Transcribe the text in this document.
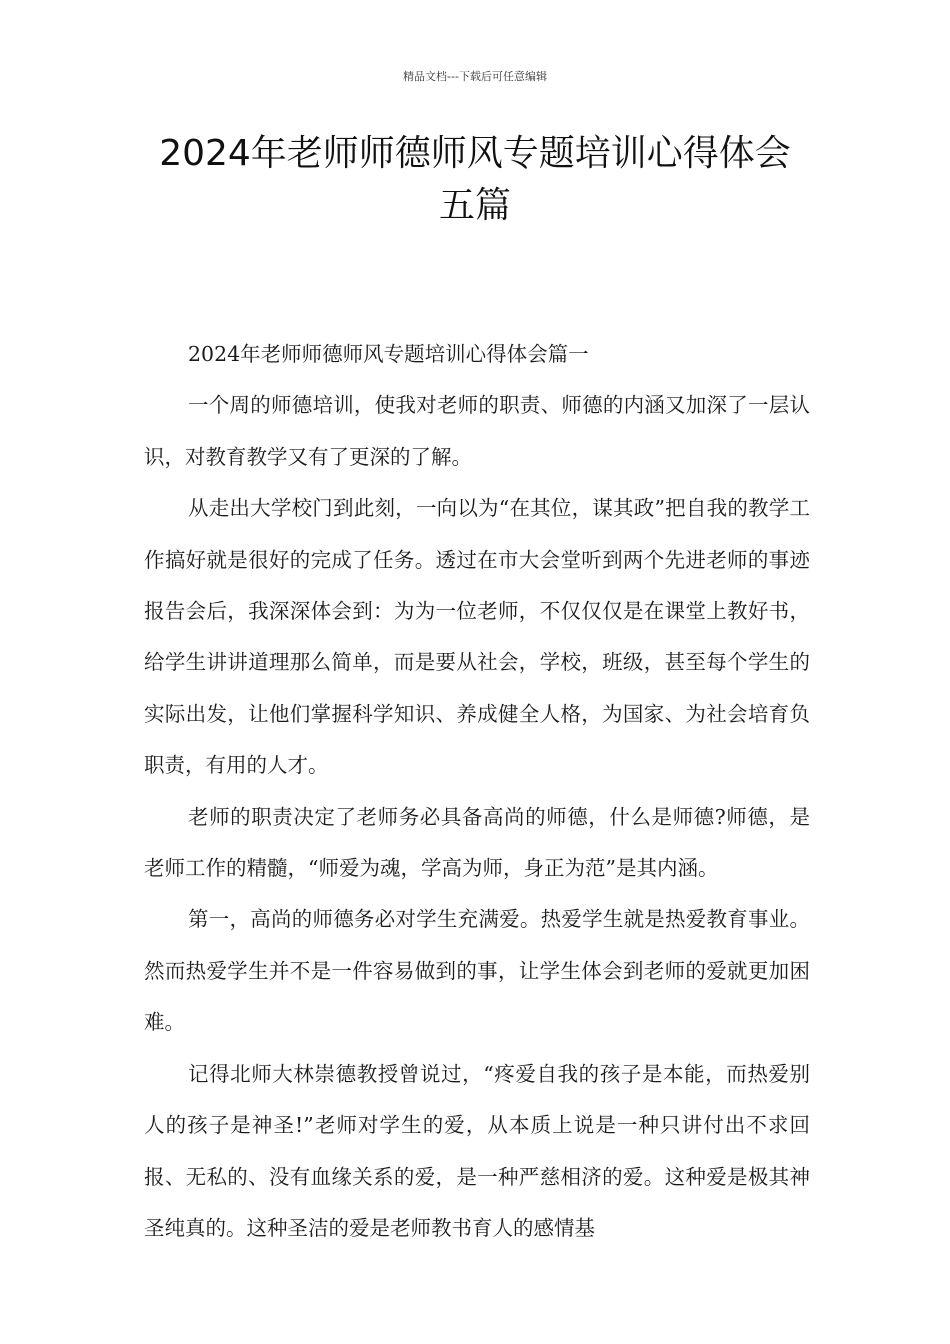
精品文档---下载后可任意编辑
2024年老师师德师风专题培训心得体会
五篇

2024年老师师德师风专题培训心得体会篇一

一个周的师德培训，使我对老师的职责、师德的内涵又加深了一层认识，对教育教学又有了更深的了解。

从走出大学校门到此刻，一向以为“在其位，谋其政”把自我的教学工作搞好就是很好的完成了任务。透过在市大会堂听到两个先进老师的事迹报告会后，我深深体会到：为为一位老师，不仅仅仅是在课堂上教好书，给学生讲讲道理那么简单，而是要从社会，学校，班级，甚至每个学生的实际出发，让他们掌握科学知识、养成健全人格，为国家、为社会培育负职责，有用的人才。

老师的职责决定了老师务必具备高尚的师德，什么是师德?师德，是老师工作的精髓，“师爱为魂，学高为师，身正为范”是其内涵。

第一，高尚的师德务必对学生充满爱。热爱学生就是热爱教育事业。然而热爱学生并不是一件容易做到的事，让学生体会到老师的爱就更加困难。

记得北师大林崇德教授曾说过，“疼爱自我的孩子是本能，而热爱别人的孩子是神圣!”老师对学生的爱，从本质上说是一种只讲付出不求回报、无私的、没有血缘关系的爱，是一种严慈相济的爱。这种爱是极其神圣纯真的。这种圣洁的爱是老师教书育人的感情基
